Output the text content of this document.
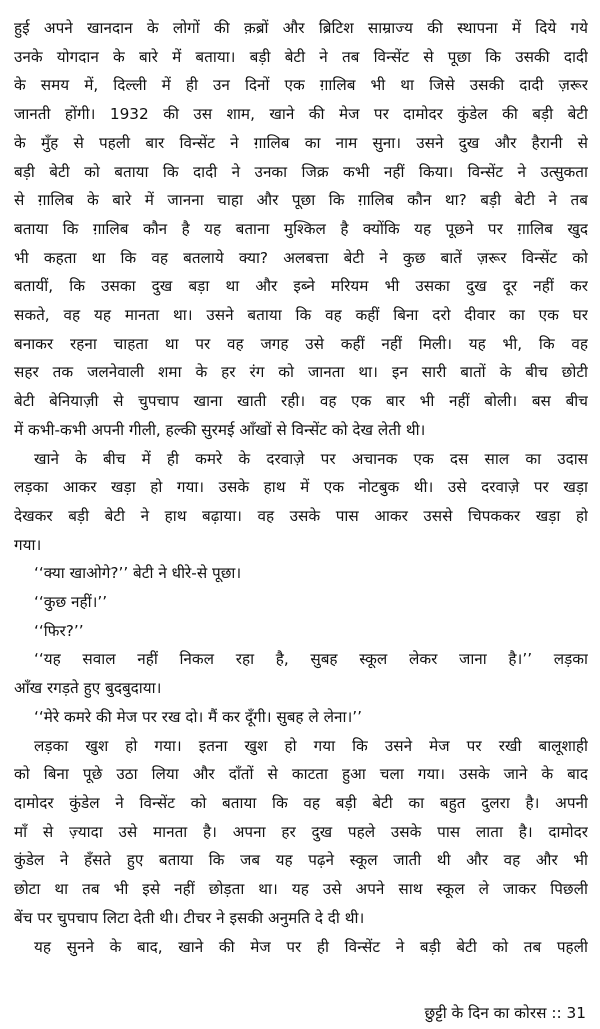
हुई अपने खानदान के लोगों की क़ब्रों और ब्रिटिश साम्राज्य की स्थापना में दिये गये
उनके योगदान के बारे में बताया। बड़ी बेटी ने तब विन्सेंट से पूछा कि उसकी दादी
के समय में, दिल्ली में ही उन दिनों एक ग़ालिब भी था जिसे उसकी दादी ज़रूर
जानती होंगी। 1932 की उस शाम, खाने की मेज पर दामोदर कुंडेल की बड़ी बेटी
के मुँह से पहली बार विन्सेंट ने ग़ालिब का नाम सुना। उसने दुख और हैरानी से
बड़ी बेटी को बताया कि दादी ने उनका जिक्र कभी नहीं किया। विन्सेंट ने उत्सुकता
से ग़ालिब के बारे में जानना चाहा और पूछा कि ग़ालिब कौन था? बड़ी बेटी ने तब
बताया कि ग़ालिब कौन है यह बताना मुश्किल है क्योंकि यह पूछने पर ग़ालिब खुद
भी कहता था कि वह बतलाये क्या? अलबत्ता बेटी ने कुछ बातें ज़रूर विन्सेंट को
बतायीं, कि उसका दुख बड़ा था और इब्ने मरियम भी उसका दुख दूर नहीं कर
सकते, वह यह मानता था। उसने बताया कि वह कहीं बिना दरो दीवार का एक घर
बनाकर रहना चाहता था पर वह जगह उसे कहीं नहीं मिली। यह भी, कि वह
सहर तक जलनेवाली शमा के हर रंग को जानता था। इन सारी बातों के बीच छोटी
बेटी बेनियाज़ी से चुपचाप खाना खाती रही। वह एक बार भी नहीं बोली। बस बीच
में कभी-कभी अपनी गीली, हल्की सुरमई आँखों से विन्सेंट को देख लेती थी।

खाने के बीच में ही कमरे के दरवाज़े पर अचानक एक दस साल का उदास
लड़का आकर खड़ा हो गया। उसके हाथ में एक नोटबुक थी। उसे दरवाज़े पर खड़ा
देखकर बड़ी बेटी ने हाथ बढ़ाया। वह उसके पास आकर उससे चिपककर खड़ा हो
गया।

‘‘क्या खाओगे?’’ बेटी ने धीरे-से पूछा।

‘‘कुछ नहीं।’’

‘‘फिर?’’

‘‘यह सवाल नहीं निकल रहा है, सुबह स्कूल लेकर जाना है।’’ लड़का
आँख रगड़ते हुए बुदबुदाया।

‘‘मेरे कमरे की मेज पर रख दो। मैं कर दूँगी। सुबह ले लेना।’’

लड़का खुश हो गया। इतना खुश हो गया कि उसने मेज पर रखी बालूशाही
को बिना पूछे उठा लिया और दाँतों से काटता हुआ चला गया। उसके जाने के बाद
दामोदर कुंडेल ने विन्सेंट को बताया कि वह बड़ी बेटी का बहुत दुलरा है। अपनी
माँ से ज़्यादा उसे मानता है। अपना हर दुख पहले उसके पास लाता है। दामोदर
कुंडेल ने हँसते हुए बताया कि जब यह पढ़ने स्कूल जाती थी और वह और भी
छोटा था तब भी इसे नहीं छोड़ता था। यह उसे अपने साथ स्कूल ले जाकर पिछली
बेंच पर चुपचाप लिटा देती थी। टीचर ने इसकी अनुमति दे दी थी।

यह सुनने के बाद, खाने की मेज पर ही विन्सेंट ने बड़ी बेटी को तब पहली

छुट्टी के दिन का कोरस :: 31
